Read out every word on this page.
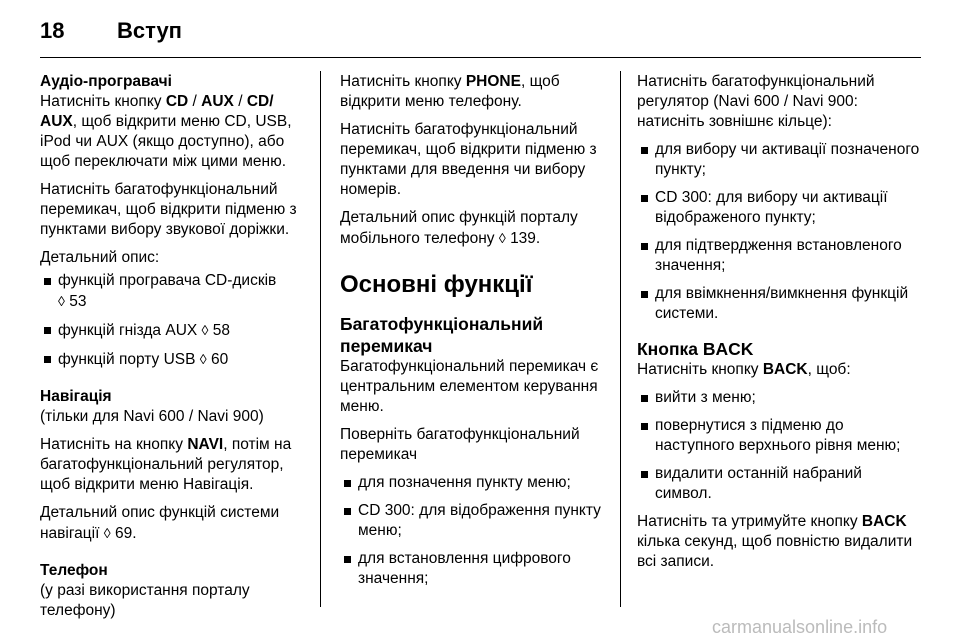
18 Вступ

Аудіо-програвачі

Натисніть кнопку CD / AUX / CD/ AUX, щоб відкрити меню CD, USB, iPod чи AUX (якщо доступно), або щоб переключати між цими меню.

Натисніть багатофункціональний перемикач, щоб відкрити підменю з пунктами вибору звукової доріжки.

Детальний опис:

функцій програвача CD-дисків
◊ 53
функцій гнізда AUX ◊ 58
функцій порту USB ◊ 60

Навігація

(тільки для Navi 600 / Navi 900)

Натисніть на кнопку NAVI, потім на багатофункціональний регулятор, щоб відкрити меню Навігація.

Детальний опис функцій системи навігації ◊ 69.

Телефон

(у разі використання порталу телефону)

Натисніть кнопку PHONE, щоб відкрити меню телефону.

Натисніть багатофункціональний перемикач, щоб відкрити підменю з пунктами для введення чи вибору номерів.

Детальний опис функцій порталу мобільного телефону ◊ 139.

Основні функції

Багатофункціональний перемикач

Багатофункціональний перемикач є центральним елементом керування меню.

Поверніть багатофункціональний перемикач

для позначення пункту меню;
CD 300: для відображення пункту меню;
для встановлення цифрового значення;

Натисніть багатофункціональний регулятор (Navi 600 / Navi 900: натисніть зовнішнє кільце):

для вибору чи активації позначеного пункту;
CD 300: для вибору чи активації відображеного пункту;
для підтвердження встановленого значення;
для ввімкнення/вимкнення функцій системи.

Кнопка BACK

Натисніть кнопку BACK, щоб:

вийти з меню;
повернутися з підменю до наступного верхнього рівня меню;
видалити останній набраний символ.

Натисніть та утримуйте кнопку BACK кілька секунд, щоб повністю видалити всі записи.

carmanualsonline.info
